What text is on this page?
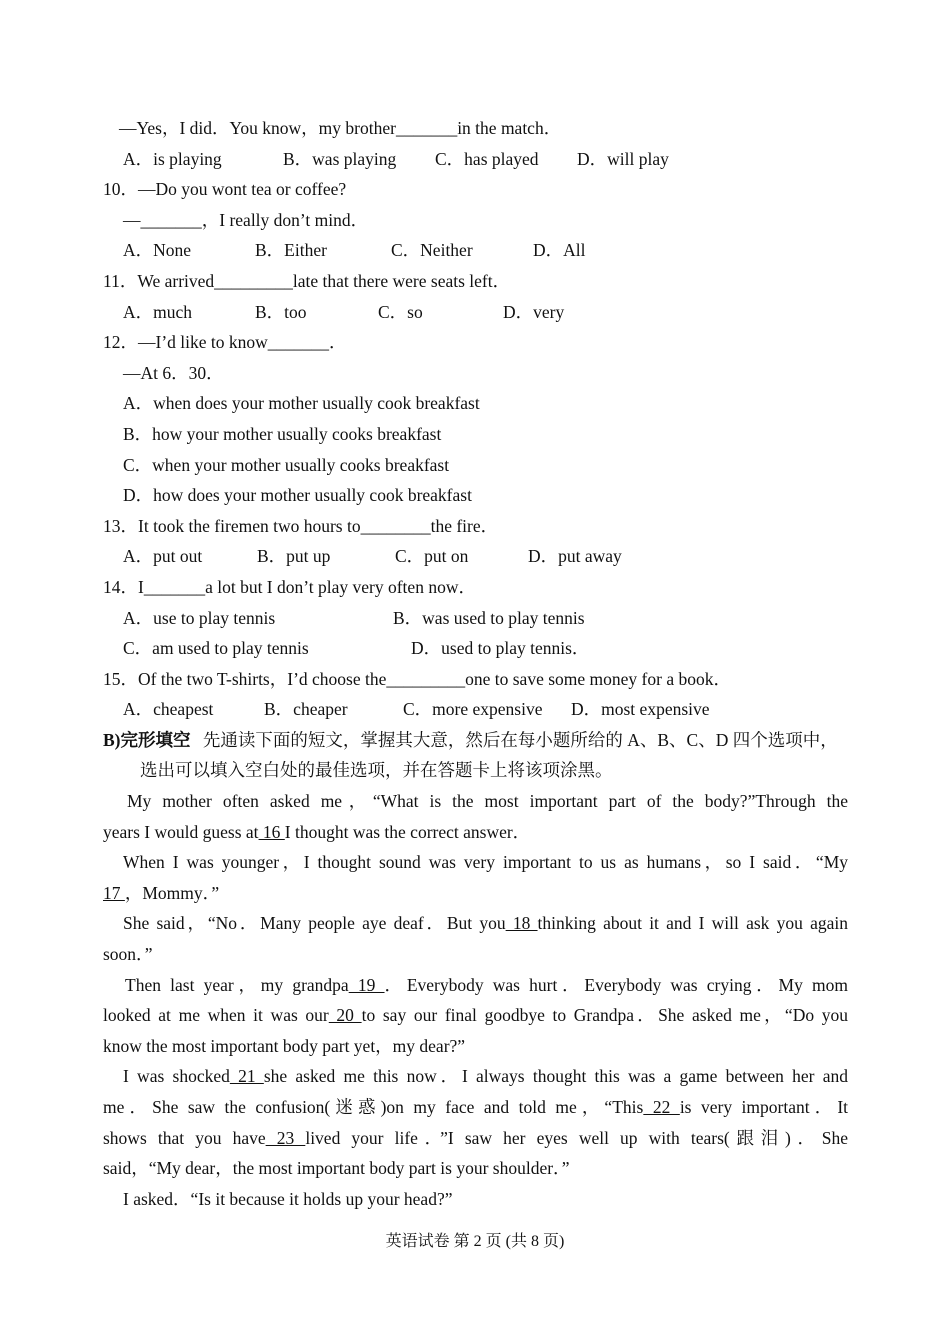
—Yes，I did．You know，my brother_______in the match．
A．is playing	B．was playing	C．has played	D．will play
10．—Do you wont tea or coffee?
—_______，I really don’t mind．
A．None	B．Either	C．Neither	D．All
11．We arrived_________late that there were seats left．
A．much	B．too	C．so	D．very
12．—I’d like to know_______．
—At 6．30．
A．when does your mother usually cook breakfast
B．how your mother usually cooks breakfast
C．when your mother usually cooks breakfast
D．how does your mother usually cook breakfast
13．It took the firemen two hours to________the fire．
A．put out	B．put up	C．put on	D．put away
14．I_______a lot but I don’t play very often now．
A．use to play tennis	B．was used to play tennis
C．am used to play tennis	D．used to play tennis．
15．Of the two T-shirts，I’d choose the_________one to save some money for a book．
A．cheapest	B．cheaper	C．more expensive	D．most expensive
B)完形填空 先通读下面的短文，掌握其大意，然后在每小题所给的 A、B、C、D 四个选项中，
选出可以填入空白处的最佳选项，并在答题卡上将该项涂黑。
My mother often asked me，“What is the most important part of the body?”Through the
years I would guess at 16 I thought was the correct answer．
When I was younger，I thought sound was very important to us as humans，so I said．“My
17 ，Mommy．”
She said，“No．Many people aye deaf．But you 18 thinking about it and I will ask you again
soon．”
Then last year，my grandpa 19 ．Everybody was hurt．Everybody was crying．My mom
looked at me when it was our 20 to say our final goodbye to Grandpa．She asked me，“Do you
know the most important body part yet，my dear?”
I was shocked 21 she asked me this now．I always thought this was a game between her and
me．She saw the confusion(迷惑)on my face and told me，“This 22 is very important．It
shows that you have 23 lived your life．”I saw her eyes well up with tears(跟泪)．She
said，“My dear，the most important body part is your shoulder．”
I asked．“Is it because it holds up your head?”
英语试卷 第 2 页 (共 8 页)
